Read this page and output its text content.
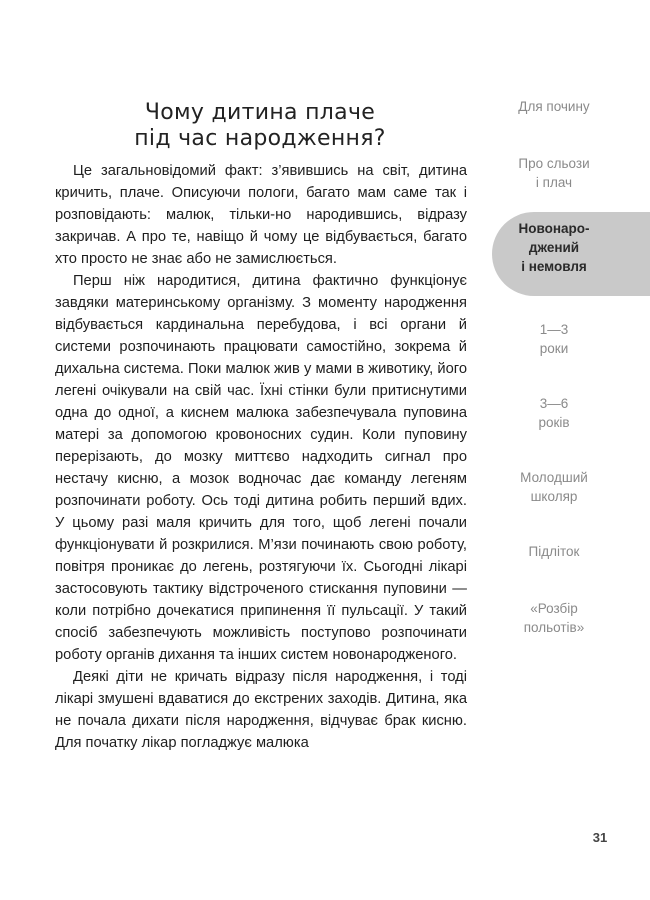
Чому дитина плаче
під час народження?

Це загальновідомий факт: з’явившись на світ, дитина кричить, плаче. Описуючи пологи, багато мам саме так і розповідають: малюк, тільки-но народившись, відразу закричав. А про те, навіщо й чому це відбувається, багато хто просто не знає або не замислюється.

Перш ніж народитися, дитина фактично функціонує завдяки материнському організму. З моменту народження відбувається кардинальна перебудова, і всі органи й системи розпочинають працювати самостійно, зокрема й дихальна система. Поки малюк жив у мами в животику, його легені очікували на свій час. Їхні стінки були притиснутими одна до одної, а киснем малюка забезпечувала пуповина матері за допомогою кровоносних судин. Коли пуповину перерізають, до мозку миттєво надходить сигнал про нестачу кисню, а мозок водночас дає команду легеням розпочинати роботу. Ось тоді дитина робить перший вдих. У цьому разі маля кричить для того, щоб легені почали функціонувати й розкрилися. М’язи починають свою роботу, повітря проникає до легень, розтягуючи їх. Сьогодні лікарі застосовують тактику відстроченого стискання пуповини — коли потрібно дочекатися припинення її пульсації. У такий спосіб забезпечують можливість поступово розпочинати роботу органів дихання та інших систем новонародженого.

Деякі діти не кричать відразу після народження, і тоді лікарі змушені вдаватися до екстрених заходів. Дитина, яка не почала дихати після народження, відчуває брак кисню. Для початку лікар погладжує малюка

Для почину
Про сльози
і плач
Новонаро-
джений
і немовля
1—3
роки
3—6
років
Молодший
школяр
Підліток
«Розбір
польотів»
31
